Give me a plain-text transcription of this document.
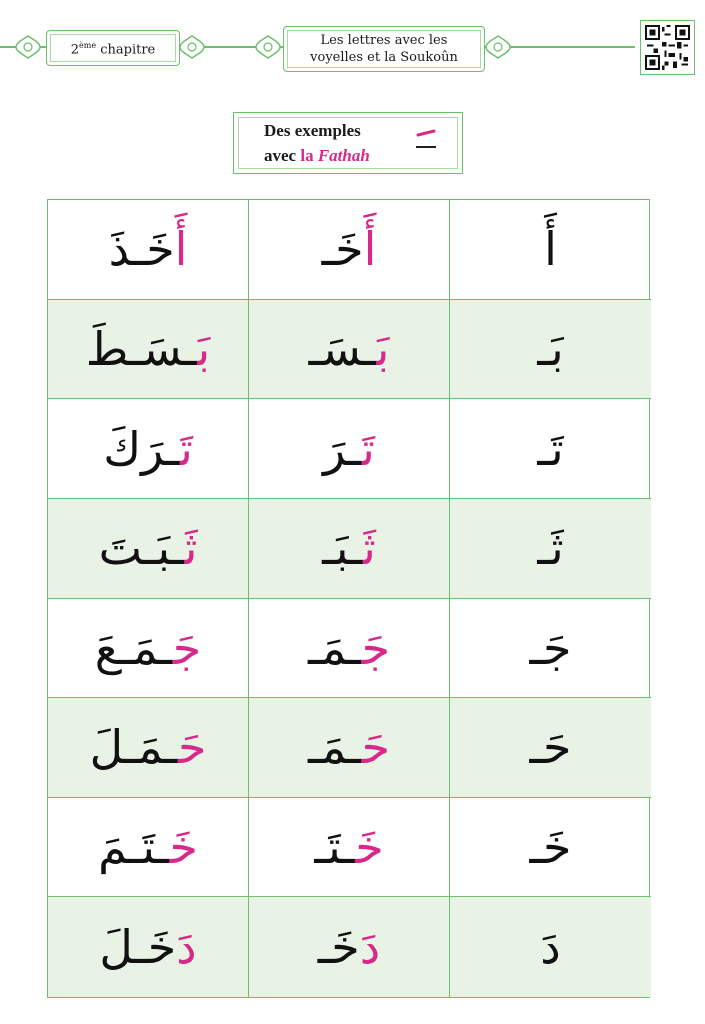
2ème chapitre
Les lettres avec les
voyelles et la Soukoûn
Des exemples
avec la Fathah
أَخَـذَ	أَخَـ	أَ
بَـسَـطَ	بَـسَـ	بَـ
تَـرَكَ	تَـرَ	تَـ
ثَـبَـتَ	ثَـبَـ	ثَـ
جَـمَـعَ	جَـمَـ	جَـ
حَـمَـلَ	حَـمَـ	حَـ
خَـتَـمَ	خَـتَـ	خَـ
دَخَـلَ	دَخَـ	دَ
